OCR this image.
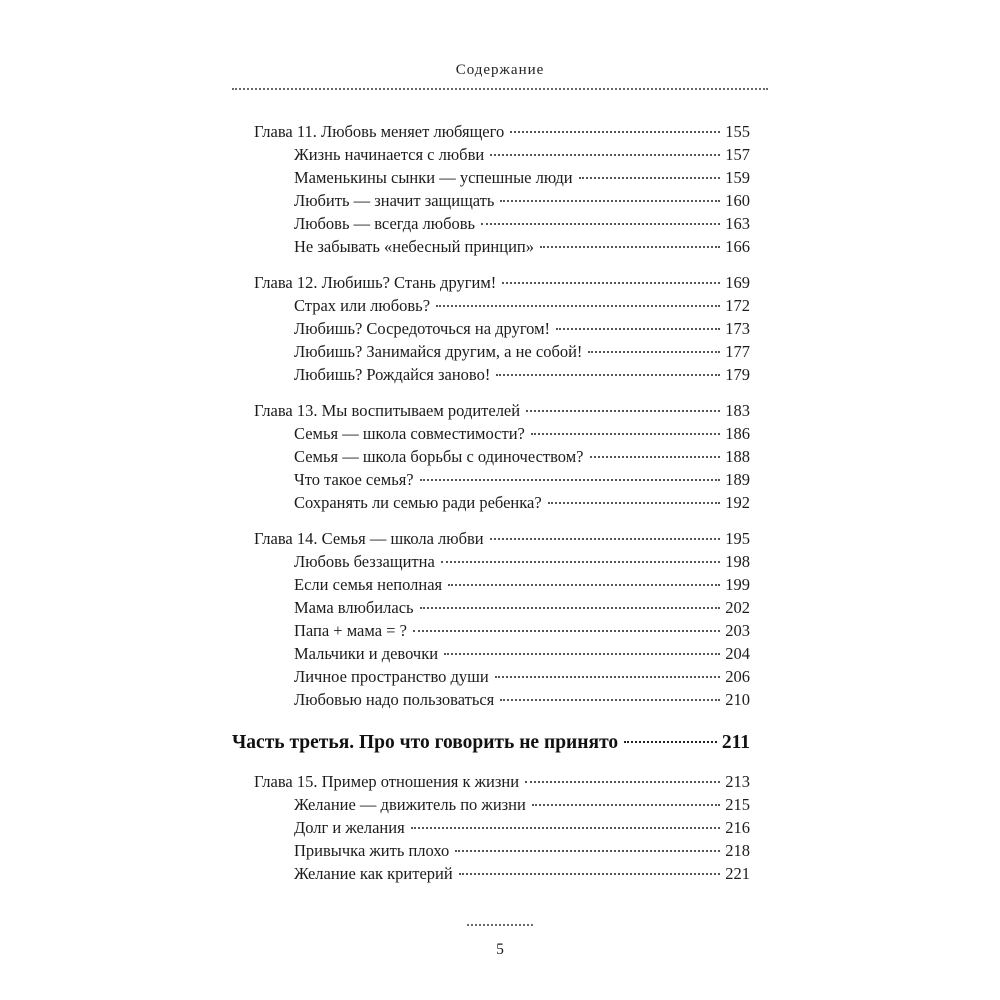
Содержание
Глава 11. Любовь меняет любящего	155
Жизнь начинается с любви	157
Маменькины сынки — успешные люди	159
Любить — значит защищать	160
Любовь — всегда любовь	163
Не забывать «небесный принцип»	166
Глава 12. Любишь? Стань другим!	169
Страх или любовь?	172
Любишь? Сосредоточься на другом!	173
Любишь? Занимайся другим, а не собой!	177
Любишь? Рождайся заново!	179
Глава 13. Мы воспитываем родителей	183
Семья — школа совместимости?	186
Семья — школа борьбы с одиночеством?	188
Что такое семья?	189
Сохранять ли семью ради ребенка?	192
Глава 14. Семья — школа любви	195
Любовь беззащитна	198
Если семья неполная	199
Мама влюбилась	202
Папа + мама = ?	203
Мальчики и девочки	204
Личное пространство души	206
Любовью надо пользоваться	210
Часть третья. Про что говорить не принято	211
Глава 15. Пример отношения к жизни	213
Желание — движитель по жизни	215
Долг и желания	216
Привычка жить плохо	218
Желание как критерий	221
5
